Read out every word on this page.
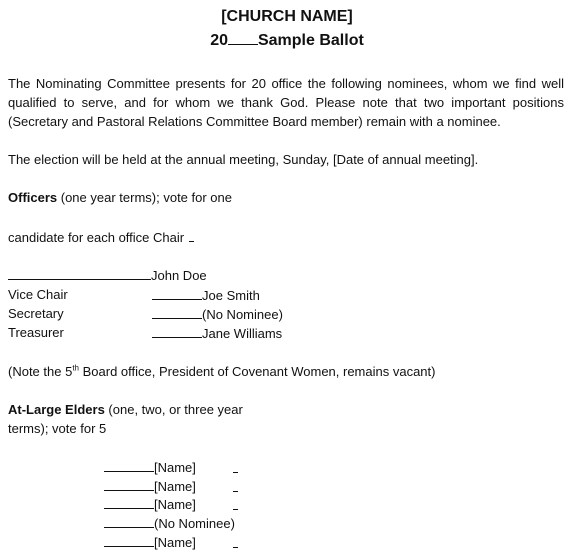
[CHURCH NAME]
20 Sample Ballot
The Nominating Committee presents for 20 office the following nominees, whom we find well qualified to serve, and for whom we thank God. Please note that two important positions (Secretary and Pastoral Relations Committee Board member) remain with a nominee.
The election will be held at the annual meeting, Sunday, [Date of annual meeting].
Officers (one year terms); vote for one
candidate for each office Chair
John Doe
Vice Chair	Joe Smith
Secretary	(No Nominee)
Treasurer	Jane Williams
(Note the 5th Board office, President of Covenant Women, remains vacant)
At-Large Elders (one, two, or three year
terms); vote for 5
[Name]
[Name]
[Name]
(No Nominee)
[Name]
